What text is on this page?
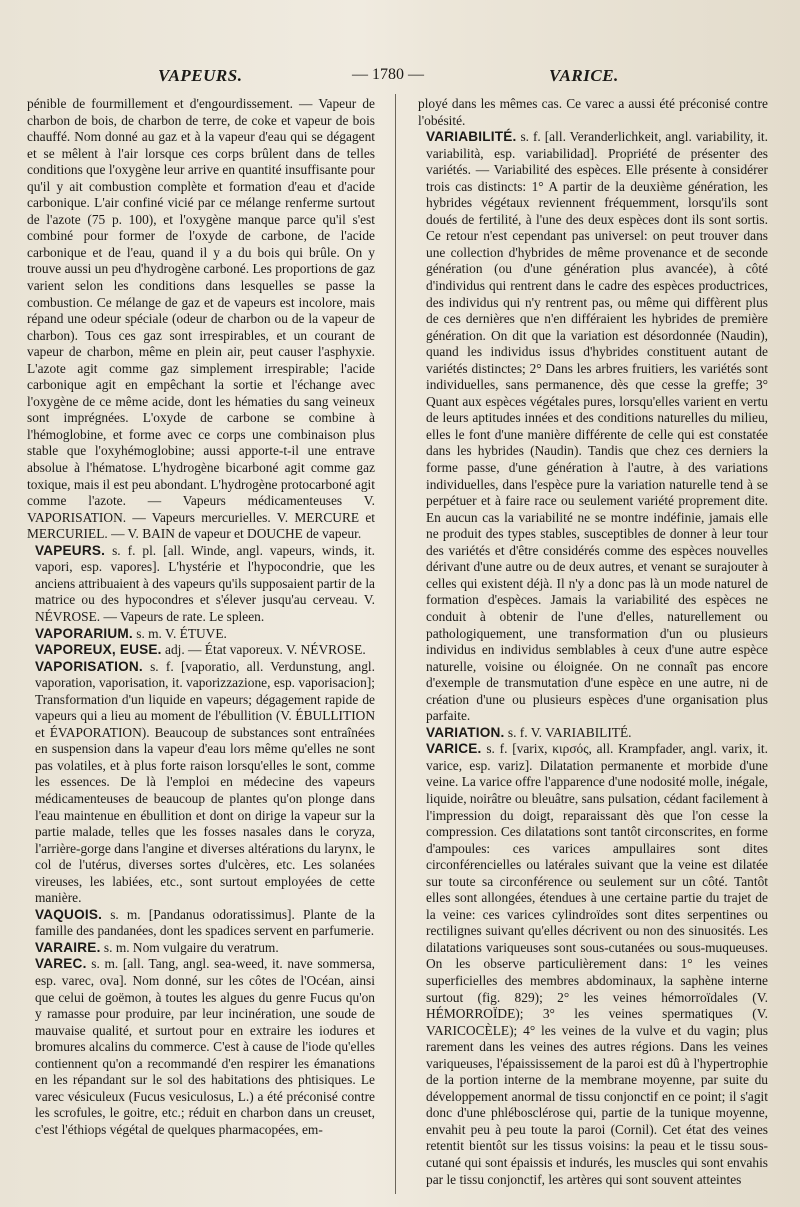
VAPEURS.	— 1780 —	VARICE.

pénible de fourmillement et d'engourdissement. — Vapeur de charbon de bois, de charbon de terre, de coke et vapeur de bois chauffé. Nom donné au gaz et à la vapeur d'eau qui se dégagent et se mêlent à l'air lorsque ces corps brûlent dans de telles conditions que l'oxygène leur arrive en quantité insuffisante pour qu'il y ait combustion complète et formation d'eau et d'acide carbonique. L'air confiné vicié par ce mélange renferme surtout de l'azote (75 p. 100), et l'oxygène manque parce qu'il s'est combiné pour former de l'oxyde de carbone, de l'acide carbonique et de l'eau, quand il y a du bois qui brûle. On y trouve aussi un peu d'hydrogène carboné. Les proportions de gaz varient selon les conditions dans lesquelles se passe la combustion. Ce mélange de gaz et de vapeurs est incolore, mais répand une odeur spéciale (odeur de charbon ou de la vapeur de charbon). Tous ces gaz sont irrespirables, et un courant de vapeur de charbon, même en plein air, peut causer l'asphyxie. L'azote agit comme gaz simplement irrespirable; l'acide carbonique agit en empêchant la sortie et l'échange avec l'oxygène de ce même acide, dont les hématies du sang veineux sont imprégnées. L'oxyde de carbone se combine à l'hémoglobine, et forme avec ce corps une combinaison plus stable que l'oxyhémoglobine; aussi apporte-t-il une entrave absolue à l'hématose. L'hydrogène bicarboné agit comme gaz toxique, mais il est peu abondant. L'hydrogène protocarboné agit comme l'azote. — Vapeurs médicamenteuses V. VAPORISATION. — Vapeurs mercurielles. V. MERCURE et MERCURIEL. — V. BAIN de vapeur et DOUCHE de vapeur.

VAPEURS. s. f. pl. [all. Winde, angl. vapeurs, winds, it. vapori, esp. vapores]. L'hystérie et l'hypocondrie, que les anciens attribuaient à des vapeurs qu'ils supposaient partir de la matrice ou des hypocondres et s'élever jusqu'au cerveau. V. NÉVROSE. — Vapeurs de rate. Le spleen.

VAPORARIUM. s. m. V. ÉTUVE.

VAPOREUX, EUSE. adj. — État vaporeux. V. NÉVROSE.

VAPORISATION. s. f. [vaporatio, all. Verdunstung, angl. vaporation, vaporisation, it. vaporizzazione, esp. vaporisacion]; Transformation d'un liquide en vapeurs; dégagement rapide de vapeurs qui a lieu au moment de l'ébullition (V. ÉBULLITION et ÉVAPORATION). Beaucoup de substances sont entraînées en suspension dans la vapeur d'eau lors même qu'elles ne sont pas volatiles, et à plus forte raison lorsqu'elles le sont, comme les essences. De là l'emploi en médecine des vapeurs médicamenteuses de beaucoup de plantes qu'on plonge dans l'eau maintenue en ébullition et dont on dirige la vapeur sur la partie malade, telles que les fosses nasales dans le coryza, l'arrière-gorge dans l'angine et diverses altérations du larynx, le col de l'utérus, diverses sortes d'ulcères, etc. Les solanées vireuses, les labiées, etc., sont surtout employées de cette manière.

VAQUOIS. s. m. [Pandanus odoratissimus]. Plante de la famille des pandanées, dont les spadices servent en parfumerie.

VARAIRE. s. m. Nom vulgaire du veratrum.

VAREC. s. m. [all. Tang, angl. sea-weed, it. nave sommersa, esp. varec, ova]. Nom donné, sur les côtes de l'Océan, ainsi que celui de goëmon, à toutes les algues du genre Fucus qu'on y ramasse pour produire, par leur incinération, une soude de mauvaise qualité, et surtout pour en extraire les iodures et bromures alcalins du commerce. C'est à cause de l'iode qu'elles contiennent qu'on a recommandé d'en respirer les émanations en les répandant sur le sol des habitations des phtisiques. Le varec vésiculeux (Fucus vesiculosus, L.) a été préconisé contre les scrofules, le goitre, etc.; réduit en charbon dans un creuset, c'est l'éthiops végétal de quelques pharmacopées, em-

ployé dans les mêmes cas. Ce varec a aussi été préconisé contre l'obésité.

VARIABILITÉ. s. f. [all. Veranderlichkeit, angl. variability, it. variabilità, esp. variabilidad]. Propriété de présenter des variétés. — Variabilité des espèces. Elle présente à considérer trois cas distincts: 1° A partir de la deuxième génération, les hybrides végétaux reviennent fréquemment, lorsqu'ils sont doués de fertilité, à l'une des deux espèces dont ils sont sortis. Ce retour n'est cependant pas universel: on peut trouver dans une collection d'hybrides de même provenance et de seconde génération (ou d'une génération plus avancée), à côté d'individus qui rentrent dans le cadre des espèces productrices, des individus qui n'y rentrent pas, ou même qui diffèrent plus de ces dernières que n'en différaient les hybrides de première génération. On dit que la variation est désordonnée (Naudin), quand les individus issus d'hybrides constituent autant de variétés distinctes; 2° Dans les arbres fruitiers, les variétés sont individuelles, sans permanence, dès que cesse la greffe; 3° Quant aux espèces végétales pures, lorsqu'elles varient en vertu de leurs aptitudes innées et des conditions naturelles du milieu, elles le font d'une manière différente de celle qui est constatée dans les hybrides (Naudin). Tandis que chez ces derniers la forme passe, d'une génération à l'autre, à des variations individuelles, dans l'espèce pure la variation naturelle tend à se perpétuer et à faire race ou seulement variété proprement dite. En aucun cas la variabilité ne se montre indéfinie, jamais elle ne produit des types stables, susceptibles de donner à leur tour des variétés et d'être considérés comme des espèces nouvelles dérivant d'une autre ou de deux autres, et venant se surajouter à celles qui existent déjà. Il n'y a donc pas là un mode naturel de formation d'espèces. Jamais la variabilité des espèces ne conduit à obtenir de l'une d'elles, naturellement ou pathologiquement, une transformation d'un ou plusieurs individus en individus semblables à ceux d'une autre espèce naturelle, voisine ou éloignée. On ne connaît pas encore d'exemple de transmutation d'une espèce en une autre, ni de création d'une ou plusieurs espèces d'une organisation plus parfaite.

VARIATION. s. f. V. VARIABILITÉ.

VARICE. s. f. [varix, κιρσός, all. Krampfader, angl. varix, it. varice, esp. variz]. Dilatation permanente et morbide d'une veine. La varice offre l'apparence d'une nodosité molle, inégale, liquide, noirâtre ou bleuâtre, sans pulsation, cédant facilement à l'impression du doigt, reparaissant dès que l'on cesse la compression. Ces dilatations sont tantôt circonscrites, en forme d'ampoules: ces varices ampullaires sont dites circonférencielles ou latérales suivant que la veine est dilatée sur toute sa circonférence ou seulement sur un côté. Tantôt elles sont allongées, étendues à une certaine partie du trajet de la veine: ces varices cylindroïdes sont dites serpentines ou rectilignes suivant qu'elles décrivent ou non des sinuosités. Les dilatations variqueuses sont sous-cutanées ou sous-muqueuses. On les observe particulièrement dans: 1° les veines superficielles des membres abdominaux, la saphène interne surtout (fig. 829); 2° les veines hémorroïdales (V. HÉMORROÏDE); 3° les veines spermatiques (V. VARICOCÈLE); 4° les veines de la vulve et du vagin; plus rarement dans les veines des autres régions. Dans les veines variqueuses, l'épaississement de la paroi est dû à l'hypertrophie de la portion interne de la membrane moyenne, par suite du développement anormal de tissu conjonctif en ce point; il s'agit donc d'une phlébosclérose qui, partie de la tunique moyenne, envahit peu à peu toute la paroi (Cornil). Cet état des veines retentit bientôt sur les tissus voisins: la peau et le tissu sous-cutané qui sont épaissis et indurés, les muscles qui sont envahis par le tissu conjonctif, les artères qui sont souvent atteintes
